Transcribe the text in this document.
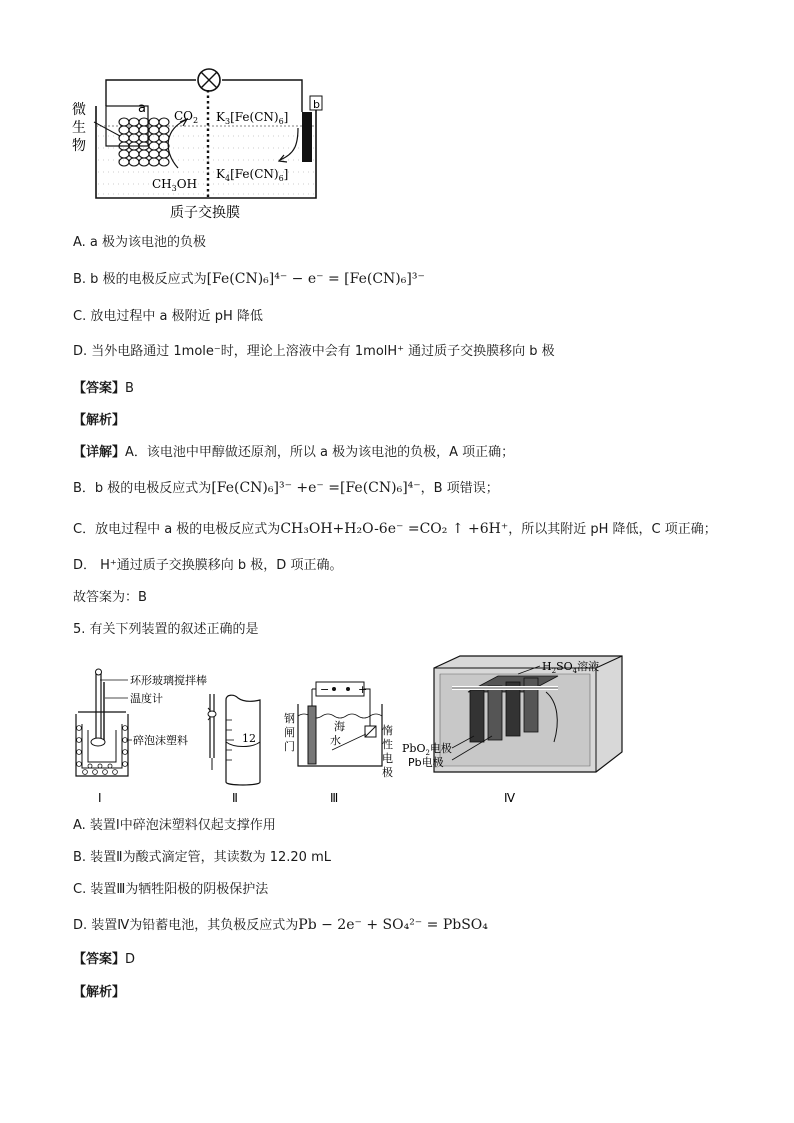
a	b
微
生
物
$CO_2$
$CH_3OH$
$K_3[Fe(CN)_6]$
$K_4[Fe(CN)_6]$
质子交换膜
A. a 极为该电池的负极
B. b 极的电极反应式为[Fe(CN)₆]⁴⁻ − e⁻ = [Fe(CN)₆]³⁻
C. 放电过程中 a 极附近 pH 降低
D. 当外电路通过 1mole⁻时，理论上溶液中会有 1molH⁺ 通过质子交换膜移向 b 极
【答案】B
【解析】
【详解】A．该电池中甲醇做还原剂，所以 a 极为该电池的负极，A 项正确；
B．b 极的电极反应式为[Fe(CN)₆]³⁻ +e⁻ =[Fe(CN)₆]⁴⁻，B 项错误；
C．放电过程中 a 极的电极反应式为CH₃OH+H₂O-6e⁻ =CO₂ ↑ +6H⁺，所以其附近 pH 降低，C 项正确；
D． H⁺通过质子交换膜移向 b 极，D 项正确。
故答案为：B
5. 有关下列装置的叙述正确的是
环形玻璃搅拌棒
温度计
碎泡沫塑料
Ⅰ
12
Ⅱ
−	+
钢
闸
门
海
水
惰
性
电
极
Ⅲ
$H_2SO_4$溶液
PbO$_2$电极
Pb电极
Ⅳ
A. 装置Ⅰ中碎泡沫塑料仅起支撑作用
B. 装置Ⅱ为酸式滴定管，其读数为 12.20 mL
C. 装置Ⅲ为牺牲阳极的阴极保护法
D. 装置Ⅳ为铅蓄电池，其负极反应式为Pb − 2e⁻ + SO₄²⁻ = PbSO₄
【答案】D
【解析】
